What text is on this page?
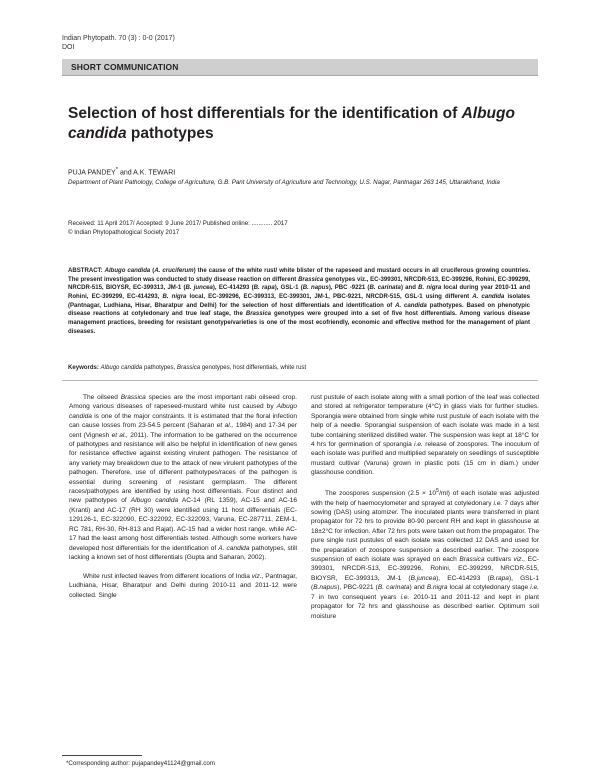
Indian Phytopath. 70 (3) : 0-0 (2017)
DOI
SHORT COMMUNICATION
Selection of host differentials for the identification of Albugo candida pathotypes
PUJA PANDEY* and A.K. TEWARI
Department of Plant Pathology, College of Agriculture, G.B. Pant University of Agriculture and Technology, U.S. Nagar, Pantnagar 263 145, Uttarakhand, India
Received: 11 April 2017/ Accepted: 9 June 2017/ Published online: ............ 2017
© Indian Phytopathological Society 2017

ABSTRACT: Albugo candida (A. cruciferum) the cause of the white rust/ white blister of the rapeseed and mustard occurs in all cruciferous growing countries. The present investigation was conducted to study disease reaction on different Brassica genotypes viz., EC-399301, NRCDR-513, EC-399296, Rohini, EC-399299, NRCDR-515, BIOYSR, EC-399313, JM-1 (B. juncea), EC-414293 (B. rapa), GSL-1 (B. napus), PBC -9221 (B. carinata) and B. nigra local during year 2010-11 and Rohini, EC-399299, EC-414293, B. nigra local, EC-399296, EC-399313, EC-399301, JM-1, PBC-9221, NRCDR-515, GSL-1 using different A. candida isolates (Pantnagar, Ludhiana, Hisar, Bharatpur and Delhi) for the selection of host differentials and identification of A. candida pathotypes. Based on phenotypic disease reactions at cotyledonary and true leaf stage, the Brassica genotypes were grouped into a set of five host differentials. Among various disease management practices, breeding for resistant genotype/varieties is one of the most ecofriendly, economic and effective method for the management of plant diseases.

Keywords: Albugo candida pathotypes, Brassica genotypes, host differentials, white rust

The oilseed Brassica species are the most important rabi oilseed crop. Among various diseases of rapeseed-mustard white rust caused by Albugo candida is one of the major constraints. It is estimated that the floral infection can cause losses from 23-54.5 percent (Saharan et al., 1984) and 17-34 per cent (Vignesh et al., 2011). The information to be gathered on the occurrence of pathotypes and resistance will also be helpful in identification of new genes for resistance effective against existing virulent pathogen. The resistance of any variety may breakdown due to the attack of new virulent pathotypes of the pathogen. Therefore, use of different pathotypes/races of the pathogen is essential during screening of resistant germplasm. The different races/pathotypes are identified by using host differentials. Four distinct and new pathotypes of Albugo candida AC-14 (RL 1359), AC-15 and AC-16 (Kranti) and AC-17 (RH 30) were identified using 11 host differentials (EC-129126-1, EC-322090, EC-322092, EC-322093, Varuna, EC-287711, ZEM-1, RC 781, RH-30, RH-813 and Rajat). AC-15 had a wider host range, while AC-17 had the least among host differentials tested. Although some workers have developed host differentials for the identification of A. candida pathotypes, still lacking a known set of host differentials (Gupta and Saharan, 2002).

White rust infected leaves from different locations of India viz., Pantnagar, Ludhiana, Hisar, Bharatpur and Delhi during 2010-11 and 2011-12 were collected. Single

rust pustule of each isolate along with a small portion of the leaf was collected and stored at refrigerator temperature (4°C) in glass vials for further studies. Sporangia were obtained from single white rust pustule of each isolate with the help of a needle. Sporangial suspension of each isolate was made in a test tube containing sterilized distilled water. The suspension was kept at 18°C for 4 hrs for germination of sporangia i.e. release of zoospores. The inoculum of each isolate was purified and multiplied separately on seedlings of susceptible mustard cultivar (Varuna) grown in plastic pots (15 cm in diam.) under glasshouse condition.

The zoospores suspension $(2.5 \times 10^5/ml)$ of each isolate was adjusted with the help of haemocytometer and sprayed at cotyledonary i.e. 7 days after sowing (DAS) using atomizer. The inoculated plants were transferred in plant propagator for 72 hrs to provide 80-90 percent RH and kept in glasshouse at 18±2°C for infection. After 72 hrs pots were taken out from the propagator. The pure single rust pustules of each isolate was collected 12 DAS and used for the preparation of zoospore suspension a described earlier. The zoospore suspension of each isolate was sprayed on each Brassica cultivars viz., EC-399301, NRCDR-513, EC-399296, Rohini, EC-399299, NRCDR-515, BIOYSR, EC-399313, JM-1 (B.juncea), EC-414293 (B.rapa), GSL-1 (B.napus), PBC-9221 (B. carinata) and B.nigra local at cotyledonary stage i.e. 7 in two consequent years i.e. 2010-11 and 2011-12 and kept in plant propagator for 72 hrs and glasshouse as described earlier. Optimum soil moisture

*Corresponding author: pujapandey41124@gmail.com
